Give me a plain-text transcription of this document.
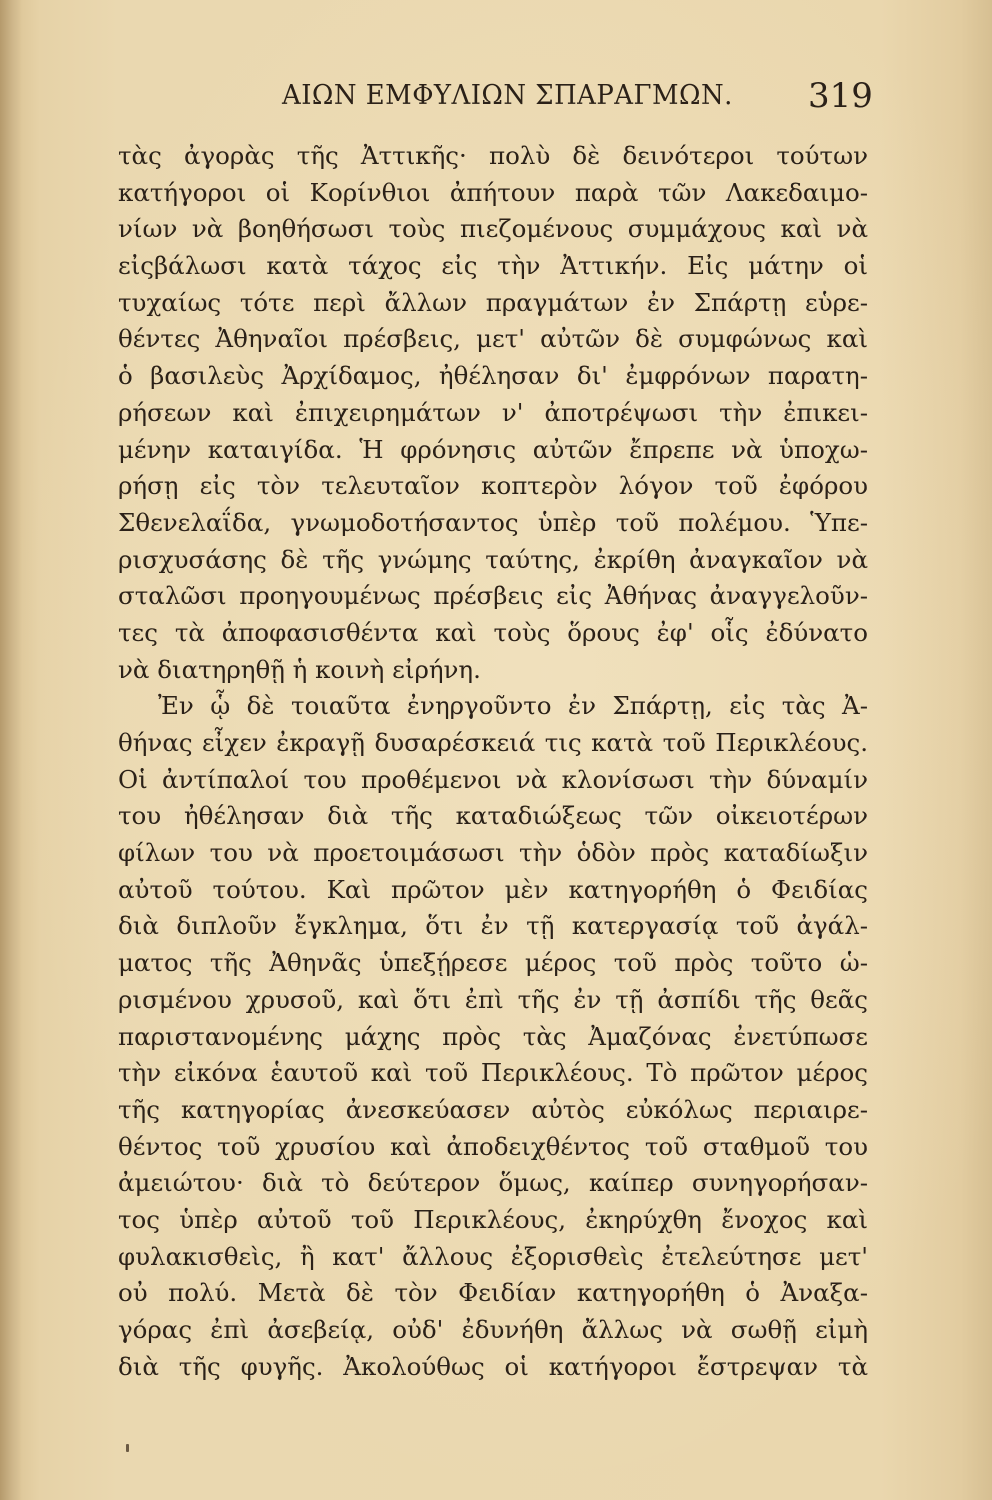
ΑΙΩΝ ΕΜΦΥΛΙΩΝ ΣΠΑΡΑΓΜΩΝ. 319
τὰς ἀγορὰς τῆς Ἀττικῆς· πολὺ δὲ δεινότεροι τούτων
κατήγοροι οἱ Κορίνθιοι ἀπήτουν παρὰ τῶν Λακεδαιμο-
νίων νὰ βοηθήσωσι τοὺς πιεζομένους συμμάχους καὶ νὰ
εἰςβάλωσι κατὰ τάχος εἰς τὴν Ἀττικήν. Εἰς μάτην οἱ
τυχαίως τότε περὶ ἄλλων πραγμάτων ἐν Σπάρτῃ εὑρε-
θέντες Ἀθηναῖοι πρέσβεις, μετ' αὐτῶν δὲ συμφώνως καὶ
ὁ βασιλεὺς Ἀρχίδαμος, ἠθέλησαν δι' ἐμφρόνων παρατη-
ρήσεων καὶ ἐπιχειρημάτων ν' ἀποτρέψωσι τὴν ἐπικει-
μένην καταιγίδα. Ἡ φρόνησις αὐτῶν ἔπρεπε νὰ ὑποχω-
ρήσῃ εἰς τὸν τελευταῖον κοπτερὸν λόγον τοῦ ἐφόρου
Σθενελαΐδα, γνωμοδοτήσαντος ὑπὲρ τοῦ πολέμου. Ὑπε-
ρισχυσάσης δὲ τῆς γνώμης ταύτης, ἐκρίθη ἀναγκαῖον νὰ
σταλῶσι προηγουμένως πρέσβεις εἰς Ἀθήνας ἀναγγελοῦν-
τες τὰ ἀποφασισθέντα καὶ τοὺς ὅρους ἐφ' οἷς ἐδύνατο
νὰ διατηρηθῇ ἡ κοινὴ εἰρήνη.
Ἐν ᾧ δὲ τοιαῦτα ἐνηργοῦντο ἐν Σπάρτῃ, εἰς τὰς Ἀ-
θήνας εἶχεν ἐκραγῇ δυσαρέσκειά τις κατὰ τοῦ Περικλέους.
Οἱ ἀντίπαλοί του προθέμενοι νὰ κλονίσωσι τὴν δύναμίν
του ἠθέλησαν διὰ τῆς καταδιώξεως τῶν οἰκειοτέρων
φίλων του νὰ προετοιμάσωσι τὴν ὁδὸν πρὸς καταδίωξιν
αὐτοῦ τούτου. Καὶ πρῶτον μὲν κατηγορήθη ὁ Φειδίας
διὰ διπλοῦν ἔγκλημα, ὅτι ἐν τῇ κατεργασίᾳ τοῦ ἀγάλ-
ματος τῆς Ἀθηνᾶς ὑπεξῄρεσε μέρος τοῦ πρὸς τοῦτο ὡ-
ρισμένου χρυσοῦ, καὶ ὅτι ἐπὶ τῆς ἐν τῇ ἀσπίδι τῆς θεᾶς
παριστανομένης μάχης πρὸς τὰς Ἀμαζόνας ἐνετύπωσε
τὴν εἰκόνα ἑαυτοῦ καὶ τοῦ Περικλέους. Τὸ πρῶτον μέρος
τῆς κατηγορίας ἀνεσκεύασεν αὐτὸς εὐκόλως περιαιρε-
θέντος τοῦ χρυσίου καὶ ἀποδειχθέντος τοῦ σταθμοῦ του
ἀμειώτου· διὰ τὸ δεύτερον ὅμως, καίπερ συνηγορήσαν-
τος ὑπὲρ αὐτοῦ τοῦ Περικλέους, ἐκηρύχθη ἔνοχος καὶ
φυλακισθεὶς, ἢ κατ' ἄλλους ἐξορισθεὶς ἐτελεύτησε μετ'
οὐ πολύ. Μετὰ δὲ τὸν Φειδίαν κατηγορήθη ὁ Ἀναξα-
γόρας ἐπὶ ἀσεβείᾳ, οὐδ' ἐδυνήθη ἄλλως νὰ σωθῇ εἰμὴ
διὰ τῆς φυγῆς. Ἀκολούθως οἱ κατήγοροι ἔστρεψαν τὰ
